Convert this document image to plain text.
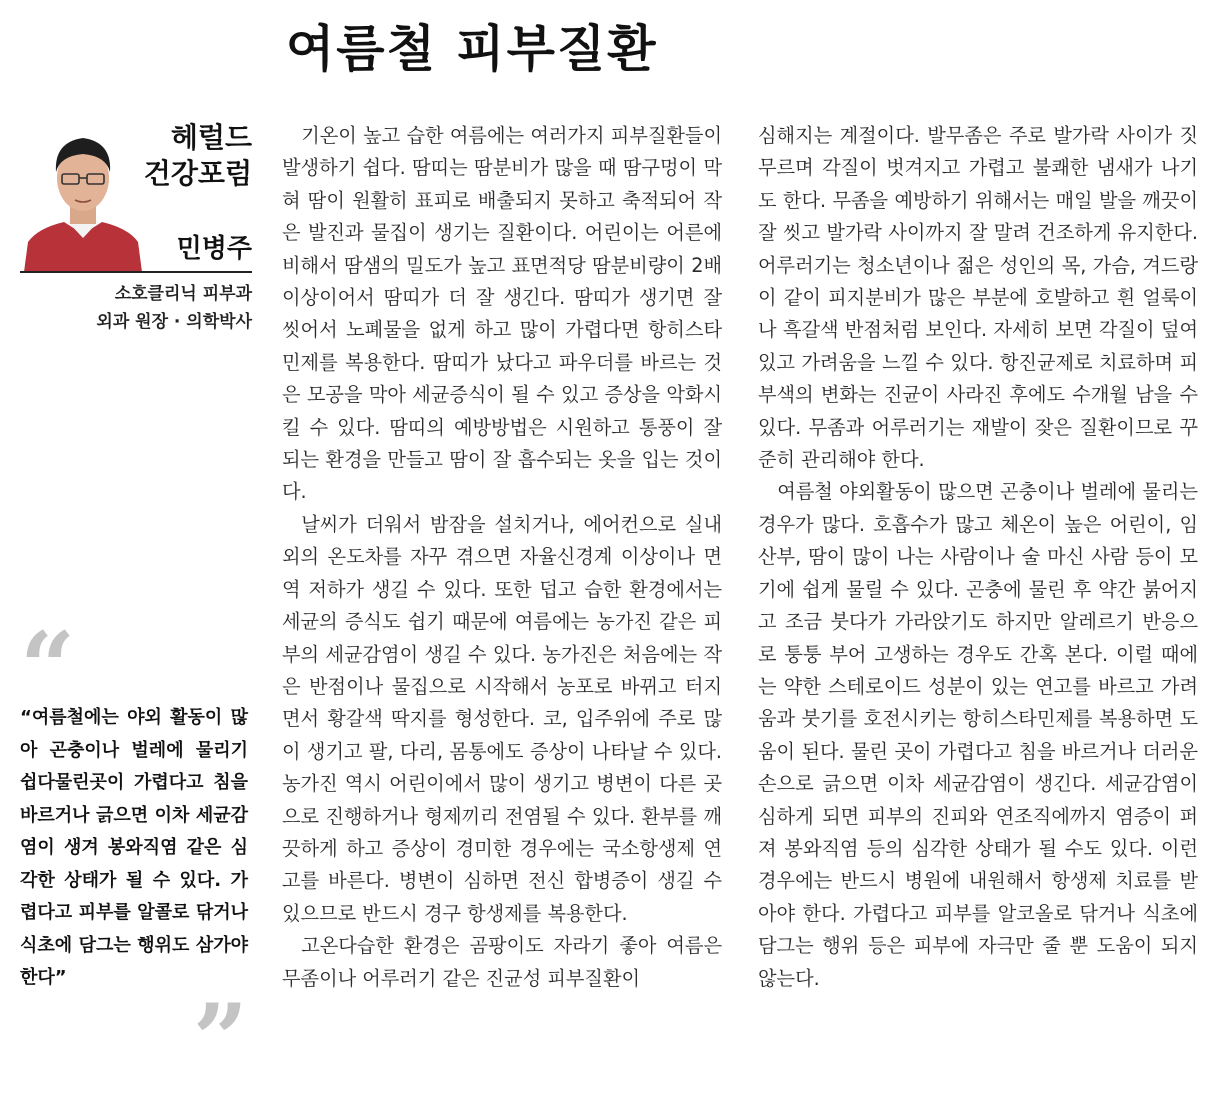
여름철 피부질환
헤럴드
건강포럼
민병주
소호클리닉 피부과
외과 원장 · 의학박사
“
“여름철에는 야외 활동이 많아 곤충이나 벌레에 물리기 쉽다물린곳이 가렵다고 침을 바르거나 긁으면 이차 세균감염이 생겨 봉와직염 같은 심각한 상태가 될 수 있다. 가렵다고 피부를 알콜로 닦거나 식초에 담그는 행위도 삼가야 한다”
”

기온이 높고 습한 여름에는 여러가지 피부질환들이 발생하기 쉽다. 땀띠는 땀분비가 많을 때 땀구멍이 막혀 땀이 원활히 표피로 배출되지 못하고 축적되어 작은 발진과 물집이 생기는 질환이다. 어린이는 어른에 비해서 땀샘의 밀도가 높고 표면적당 땀분비량이 2배 이상이어서 땀띠가 더 잘 생긴다. 땀띠가 생기면 잘 씻어서 노폐물을 없게 하고 많이 가렵다면 항히스타민제를 복용한다. 땀띠가 났다고 파우더를 바르는 것은 모공을 막아 세균증식이 될 수 있고 증상을 악화시킬 수 있다. 땀띠의 예방방법은 시원하고 통풍이 잘 되는 환경을 만들고 땀이 잘 흡수되는 옷을 입는 것이다.

날씨가 더워서 밤잠을 설치거나, 에어컨으로 실내외의 온도차를 자꾸 겪으면 자율신경계 이상이나 면역 저하가 생길 수 있다. 또한 덥고 습한 환경에서는 세균의 증식도 쉽기 때문에 여름에는 농가진 같은 피부의 세균감염이 생길 수 있다. 농가진은 처음에는 작은 반점이나 물집으로 시작해서 농포로 바뀌고 터지면서 황갈색 딱지를 형성한다. 코, 입주위에 주로 많이 생기고 팔, 다리, 몸통에도 증상이 나타날 수 있다. 농가진 역시 어린이에서 많이 생기고 병변이 다른 곳으로 진행하거나 형제끼리 전염될 수 있다. 환부를 깨끗하게 하고 증상이 경미한 경우에는 국소항생제 연고를 바른다. 병변이 심하면 전신 합병증이 생길 수 있으므로 반드시 경구 항생제를 복용한다.

고온다습한 환경은 곰팡이도 자라기 좋아 여름은 무좀이나 어루러기 같은 진균성 피부질환이

심해지는 계절이다. 발무좀은 주로 발가락 사이가 짓무르며 각질이 벗겨지고 가렵고 불쾌한 냄새가 나기도 한다. 무좀을 예방하기 위해서는 매일 발을 깨끗이 잘 씻고 발가락 사이까지 잘 말려 건조하게 유지한다. 어루러기는 청소년이나 젊은 성인의 목, 가슴, 겨드랑이 같이 피지분비가 많은 부분에 호발하고 흰 얼룩이나 흑갈색 반점처럼 보인다. 자세히 보면 각질이 덮여 있고 가려움을 느낄 수 있다. 항진균제로 치료하며 피부색의 변화는 진균이 사라진 후에도 수개월 남을 수 있다. 무좀과 어루러기는 재발이 잦은 질환이므로 꾸준히 관리해야 한다.

여름철 야외활동이 많으면 곤충이나 벌레에 물리는 경우가 많다. 호흡수가 많고 체온이 높은 어린이, 임산부, 땀이 많이 나는 사람이나 술 마신 사람 등이 모기에 쉽게 물릴 수 있다. 곤충에 물린 후 약간 붉어지고 조금 붓다가 가라앉기도 하지만 알레르기 반응으로 퉁퉁 부어 고생하는 경우도 간혹 본다. 이럴 때에는 약한 스테로이드 성분이 있는 연고를 바르고 가려움과 붓기를 호전시키는 항히스타민제를 복용하면 도움이 된다. 물린 곳이 가렵다고 침을 바르거나 더러운 손으로 긁으면 이차 세균감염이 생긴다. 세균감염이 심하게 되면 피부의 진피와 연조직에까지 염증이 퍼져 봉와직염 등의 심각한 상태가 될 수도 있다. 이런 경우에는 반드시 병원에 내원해서 항생제 치료를 받아야 한다. 가렵다고 피부를 알코올로 닦거나 식초에 담그는 행위 등은 피부에 자극만 줄 뿐 도움이 되지 않는다.
